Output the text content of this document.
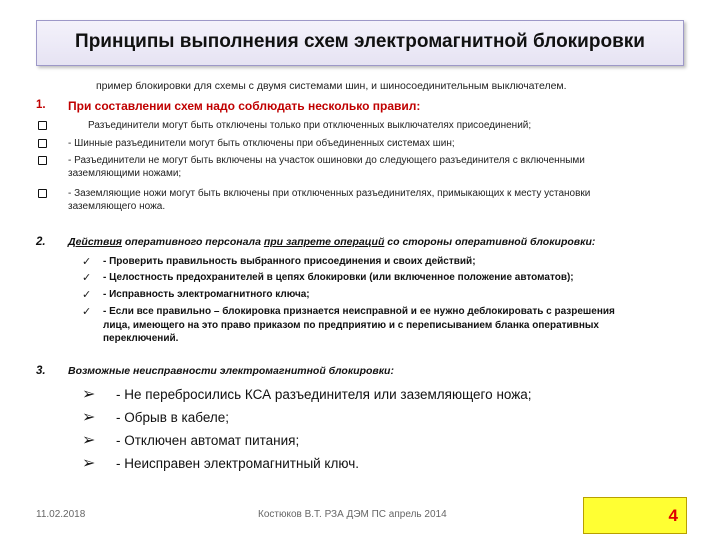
Принципы выполнения схем электромагнитной блокировки
пример блокировки для схемы с двумя системами шин, и шиносоединительным выключателем.
1. При составлении схем надо соблюдать несколько правил:
Разъединители могут быть отключены только при отключенных выключателях присоединений;
- Шинные разъединители могут быть отключены при объединенных системах шин;
- Разъединители не могут быть включены на участок ошиновки до следующего разъединителя с включенными
заземляющими ножами;
- Заземляющие ножи могут быть включены при отключенных разъединителях, примыкающих к месту установки
заземляющего ножа.
2. Действия оперативного персонала при запрете операций со стороны оперативной блокировки:
✓ - Проверить правильность выбранного присоединения и своих действий;
✓ - Целостность предохранителей в цепях блокировки (или включенное положение автоматов);
✓ - Исправность электромагнитного ключа;
✓ - Если все правильно – блокировка признается неисправной и ее нужно деблокировать с разрешения
лица, имеющего на это право приказом по предприятию и с переписыванием бланка оперативных
переключений.
3. Возможные неисправности электромагнитной блокировки:
➢ - Не перебросились КСА разъединителя или заземляющего ножа;
➢ - Обрыв в кабеле;
➢ - Отключен автомат питания;
➢ - Неисправен электромагнитный ключ.
11.02.2018	Костюков В.Т. РЗА ДЭМ ПС апрель 2014	4
